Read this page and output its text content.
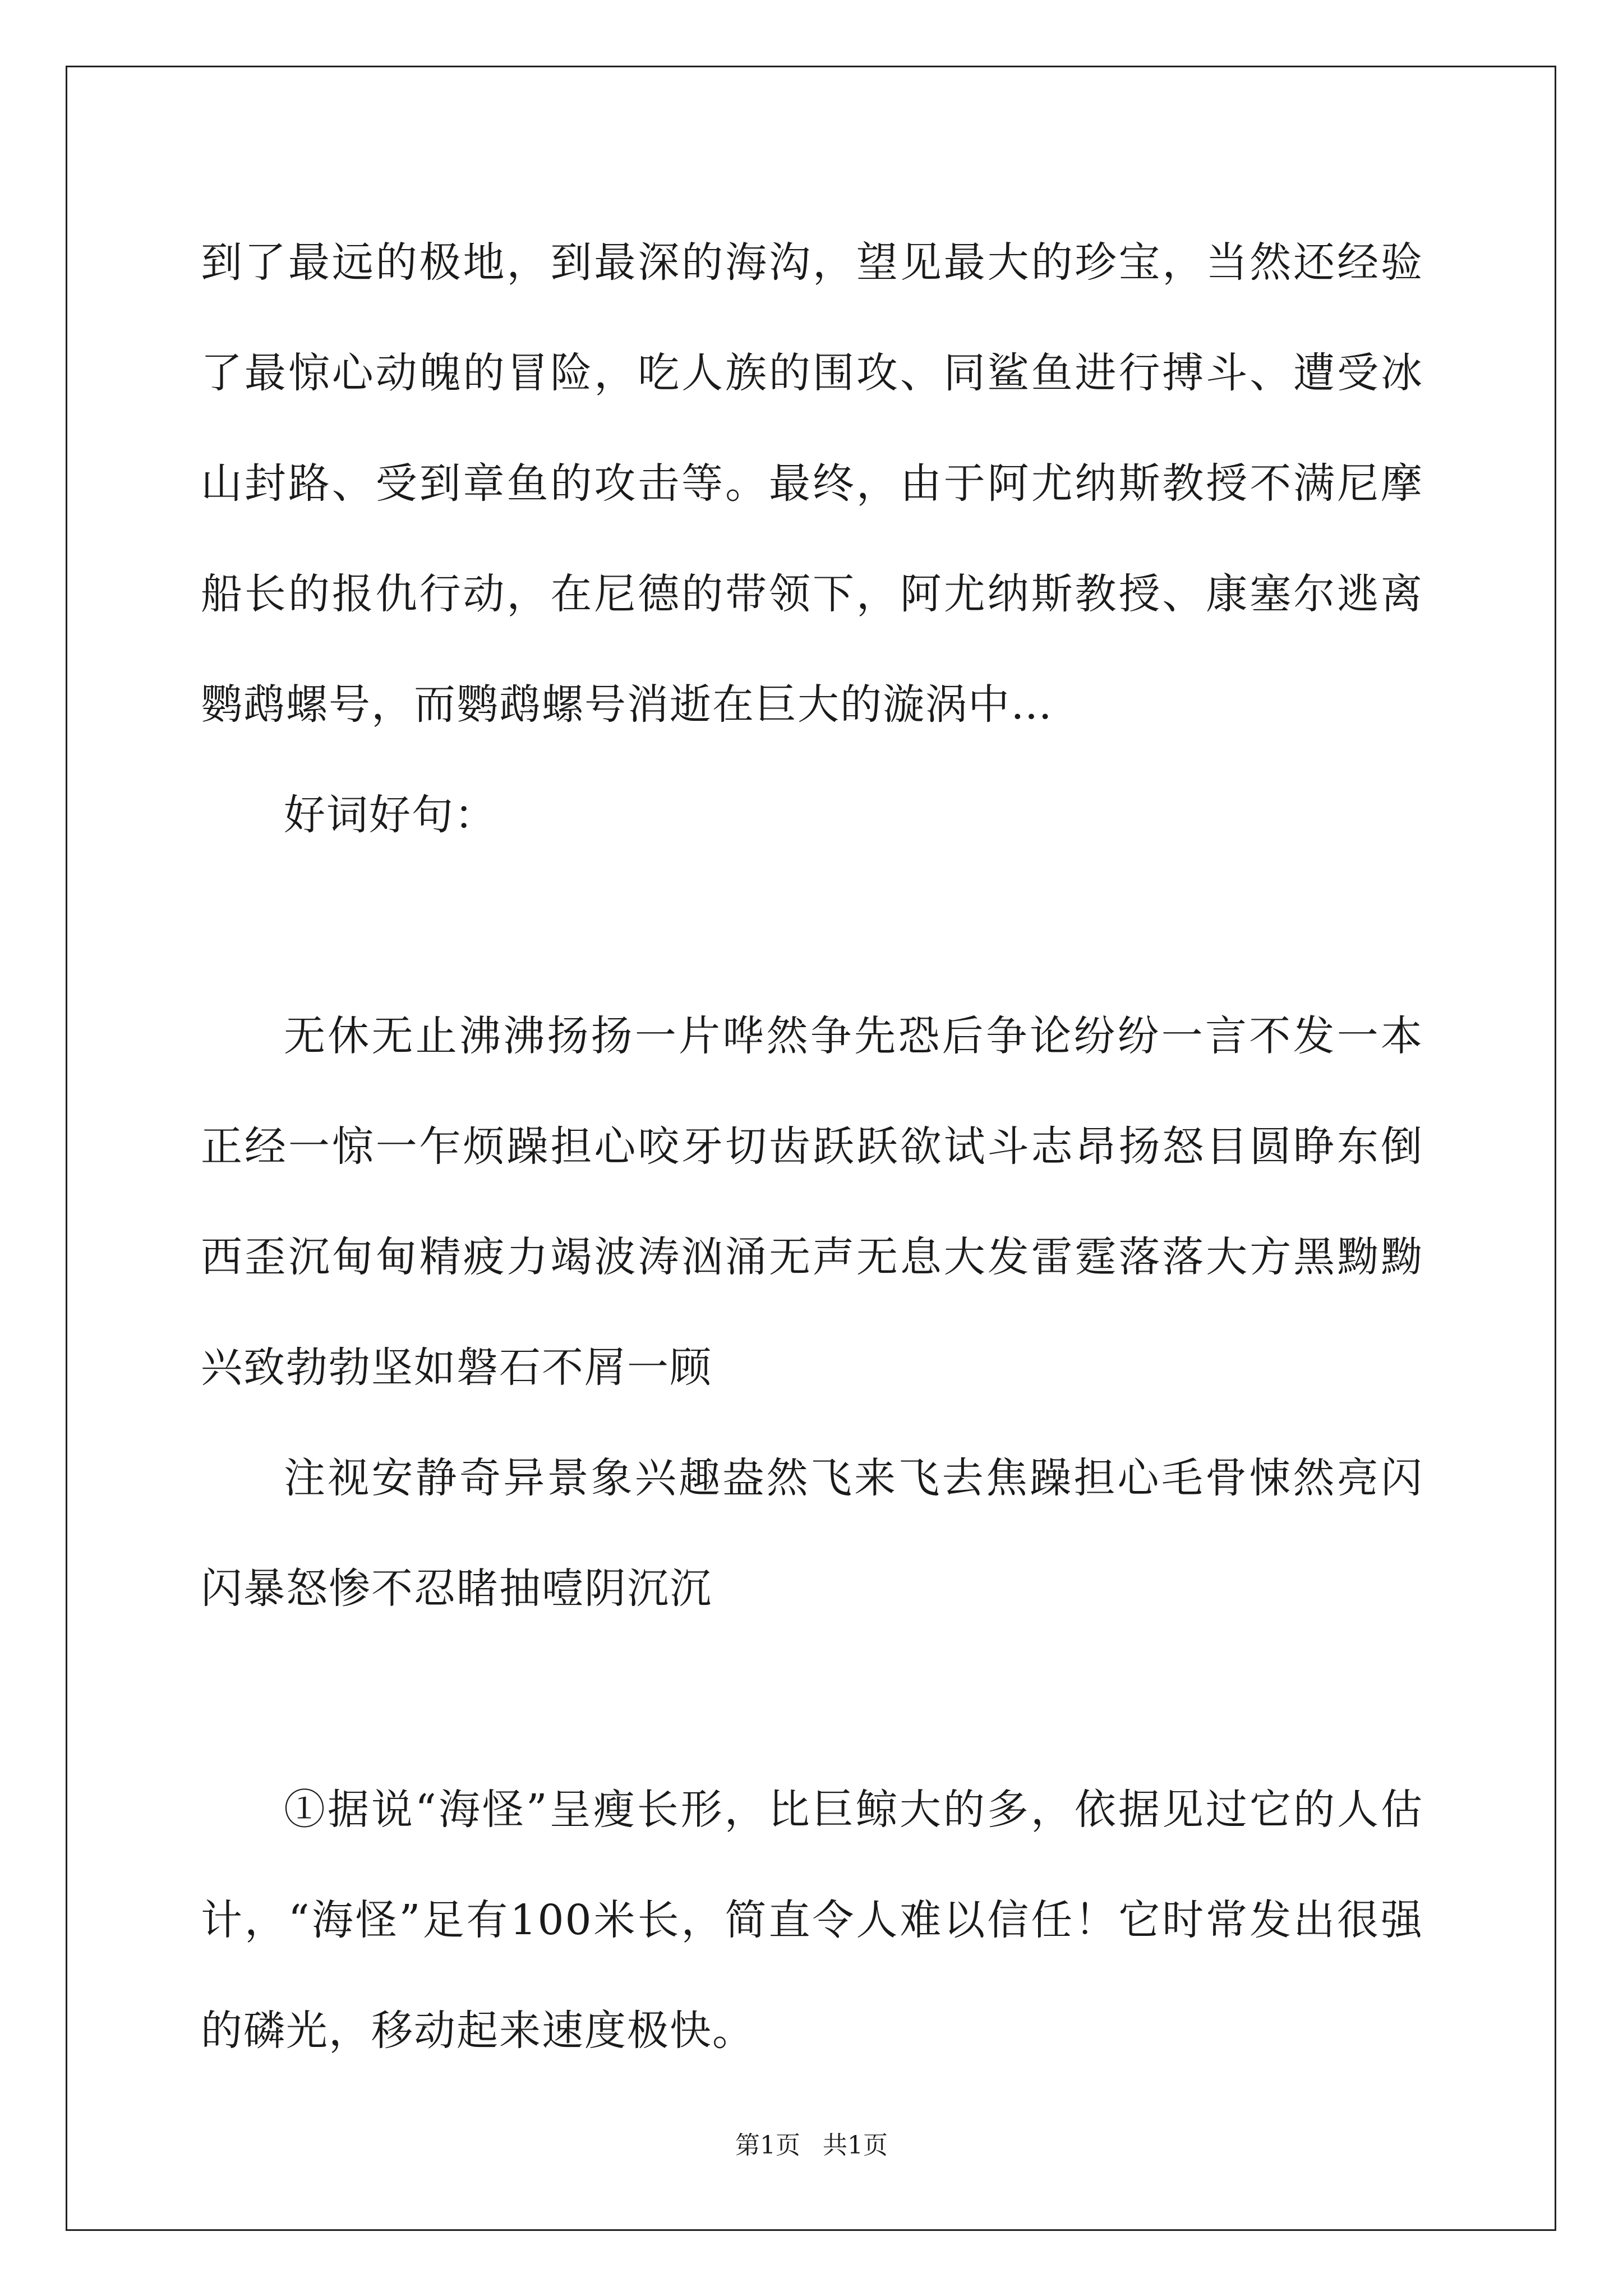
到了最远的极地，到最深的海沟，望见最大的珍宝，当然还经验了最惊心动魄的冒险，吃人族的围攻、同鲨鱼进行搏斗、遭受冰山封路、受到章鱼的攻击等。最终，由于阿尤纳斯教授不满尼摩船长的报仇行动，在尼德的带领下，阿尤纳斯教授、康塞尔逃离鹦鹉螺号，而鹦鹉螺号消逝在巨大的漩涡中…

好词好句：

无休无止沸沸扬扬一片哗然争先恐后争论纷纷一言不发一本正经一惊一乍烦躁担心咬牙切齿跃跃欲试斗志昂扬怒目圆睁东倒西歪沉甸甸精疲力竭波涛汹涌无声无息大发雷霆落落大方黑黝黝兴致勃勃坚如磐石不屑一顾

注视安静奇异景象兴趣盎然飞来飞去焦躁担心毛骨悚然亮闪闪暴怒惨不忍睹抽噎阴沉沉

①据说“海怪”呈瘦长形，比巨鲸大的多，依据见过它的人估计，“海怪”足有100米长，简直令人难以信任！它时常发出很强的磷光，移动起来速度极快。

第1页 共1页
